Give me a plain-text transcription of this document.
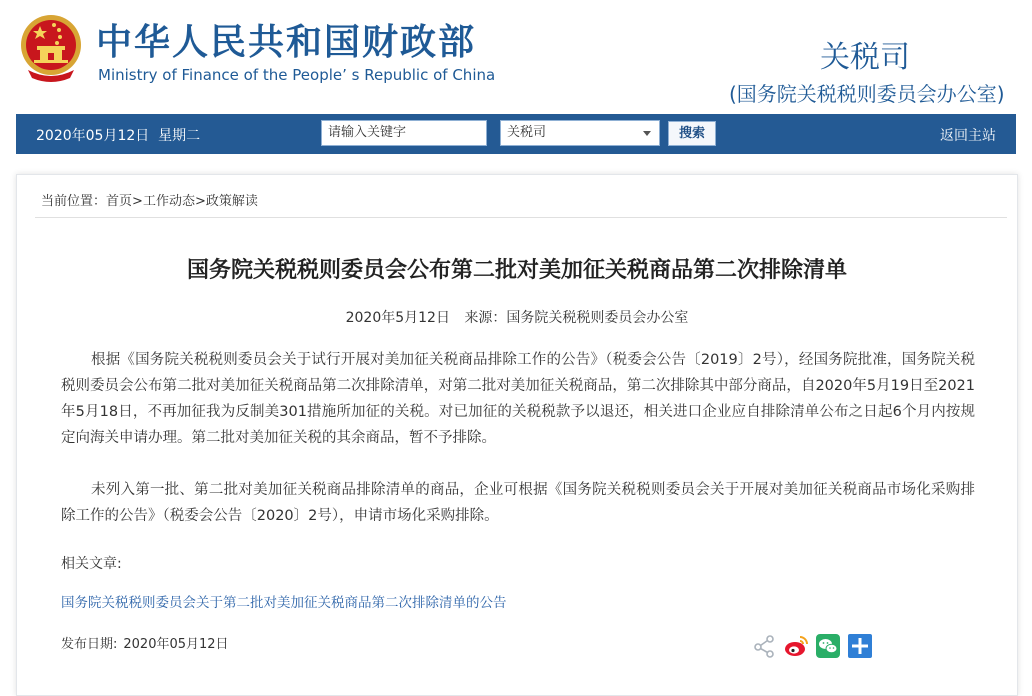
中华人民共和国财政部
Ministry of Finance of the People’ s Republic of China	关税司
(国务院关税税则委员会办公室)
2020年05月12日 星期二	请输入关键字	关税司	搜索	返回主站
当前位置：首页>工作动态>政策解读
国务院关税税则委员会公布第二批对美加征关税商品第二次排除清单
2020年5月12日 来源：国务院关税税则委员会办公室
根据《国务院关税税则委员会关于试行开展对美加征关税商品排除工作的公告》（税委会公告〔2019〕2号），经国务院批准，国务院关税税则委员会公布第二批对美加征关税商品第二次排除清单，对第二批对美加征关税商品，第二次排除其中部分商品，自2020年5月19日至2021年5月18日，不再加征我为反制美301措施所加征的关税。对已加征的关税税款予以退还，相关进口企业应自排除清单公布之日起6个月内按规定向海关申请办理。第二批对美加征关税的其余商品，暂不予排除。
未列入第一批、第二批对美加征关税商品排除清单的商品，企业可根据《国务院关税税则委员会关于开展对美加征关税商品市场化采购排除工作的公告》（税委会公告〔2020〕2号），申请市场化采购排除。
相关文章:
国务院关税税则委员会关于第二批对美加征关税商品第二次排除清单的公告
发布日期: 2020年05月12日
